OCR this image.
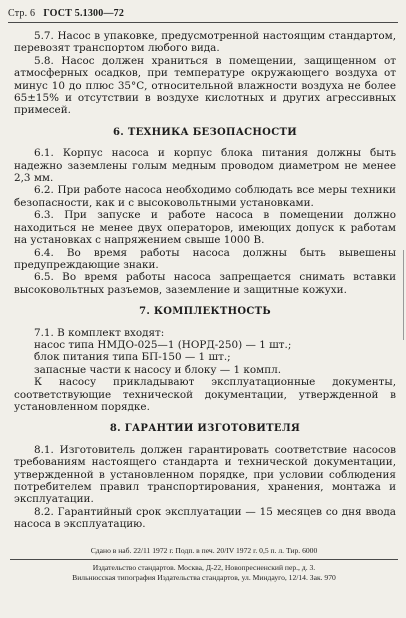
Стр. 6 ГОСТ 5.1300—72

5.7. Насос в упаковке, предусмотренной настоящим стандартом, перевозят транспортом любого вида.

5.8. Насос должен храниться в помещении, защищенном от атмосферных осадков, при температуре окружающего воздуха от минус 10 до плюс 35°С, относительной влажности воздуха не более 65±15% и отсутствии в воздухе кислотных и других агрессивных примесей.

6. ТЕХНИКА БЕЗОПАСНОСТИ

6.1. Корпус насоса и корпус блока питания должны быть надежно заземлены голым медным проводом диаметром не менее 2,3 мм.

6.2. При работе насоса необходимо соблюдать все меры техники безопасности, как и с высоковольтными установками.

6.3. При запуске и работе насоса в помещении должно находиться не менее двух операторов, имеющих допуск к работам на установках с напряжением свыше 1000 В.

6.4. Во время работы насоса должны быть вывешены предупреждающие знаки.

6.5. Во время работы насоса запрещается снимать вставки высоковольтных разъемов, заземление и защитные кожухи.

7. КОМПЛЕКТНОСТЬ

7.1. В комплект входят:

насос типа НМДО-025—1 (НОРД-250) — 1 шт.;

блок питания типа БП-150 — 1 шт.;

запасные части к насосу и блоку — 1 компл.

К насосу прикладывают эксплуатационные документы, соответствующие технической документации, утвержденной в установленном порядке.

8. ГАРАНТИИ ИЗГОТОВИТЕЛЯ

8.1. Изготовитель должен гарантировать соответствие насосов требованиям настоящего стандарта и технической документации, утвержденной в установленном порядке, при условии соблюдения потребителем правил транспортирования, хранения, монтажа и эксплуатации.

8.2. Гарантийный срок эксплуатации — 15 месяцев со дня ввода насоса в эксплуатацию.

Сдано в наб. 22/11 1972 г. Подп. в печ. 20/IV 1972 г. 0,5 п. л. Тир. 6000
Издательство стандартов. Москва, Д-22, Новопресненский пер., д. 3.
Вильнюсская типография Издательства стандартов, ул. Миндауго, 12/14. Зак. 970
